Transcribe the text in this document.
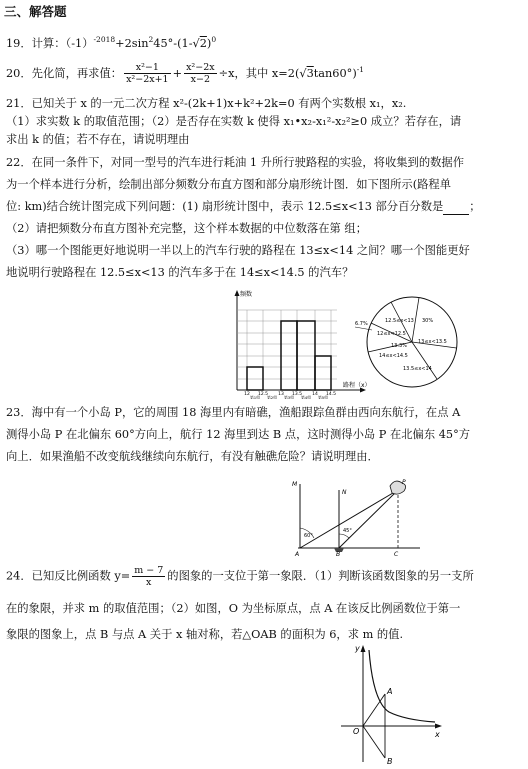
三、解答题
19．计算：$(-1)^{-2018}+2\sin^245^\circ-(1-√2)^0$
20．先化简，再求值： $\frac{\text{x²−1}}{\text{x²−2x+1}} + \frac{\text{x²−2x}}{x-2} \div x$，其中 $x=2(√3\tan 60^\circ)^{-1}$
21．已知关于 x 的一元二次方程 x²-(2k+1)x+k²+2k=0 有两个实数根 x₁，x₂.
（1）求实数 k 的取值范围；（2）是否存在实数 k 使得 x₁•x₂-x₁²-x₂²≥0 成立？若存在，请
求出 k 的值；若不存在，请说明理由
22．在同一条件下，对同一型号的汽车进行耗油 1 升所行驶路程的实验，将收集到的数据作
为一个样本进行分析，绘制出部分频数分布直方图和部分扇形统计图．如下图所示(路程单
位: km)结合统计图完成下列问题：(1) 扇形统计图中，表示 12.5≤x<13 部分百分数是 ；
（2）请把频数分布直方图补充完整，这个样本数据的中位数落在第 组；
（3）哪一个图能更好地说明一半以上的汽车行驶的路程在 13≤x<14 之间？哪一个图能更好
地说明行驶路程在 12.5≤x<13 的汽车多于在 14≤x<14.5 的汽车？
频数
路程（x）
12 12.5 13 13.5 14 14.5
第1组 第2组 第3组 第4组 第5组
12.5≤x<13 30%
13≤x<13.5
13.3%
12≤x<12.5
14≤x<14.5
13.5≤x<14
6.7%
23．海中有一个小岛 P，它的周围 18 海里内有暗礁，渔船跟踪鱼群由西向东航行，在点 A
测得小岛 P 在北偏东 60°方向上，航行 12 海里到达 B 点，这时测得小岛 P 在北偏东 45°方
向上．如果渔船不改变航线继续向东航行，有没有触礁危险？请说明理由．
M
N
P
60°
45°
A	B	C
24．已知反比例函数 $y= \frac{m - 7}{x}$ 的图象的一支位于第一象限．（1）判断该函数图象的另一支所
在的象限，并求 m 的取值范围；（2）如图，O 为坐标原点，点 A 在该反比例函数位于第一
象限的图象上，点 B 与点 A 关于 x 轴对称，若△OAB 的面积为 6，求 m 的值.
y
A
O	x
B
